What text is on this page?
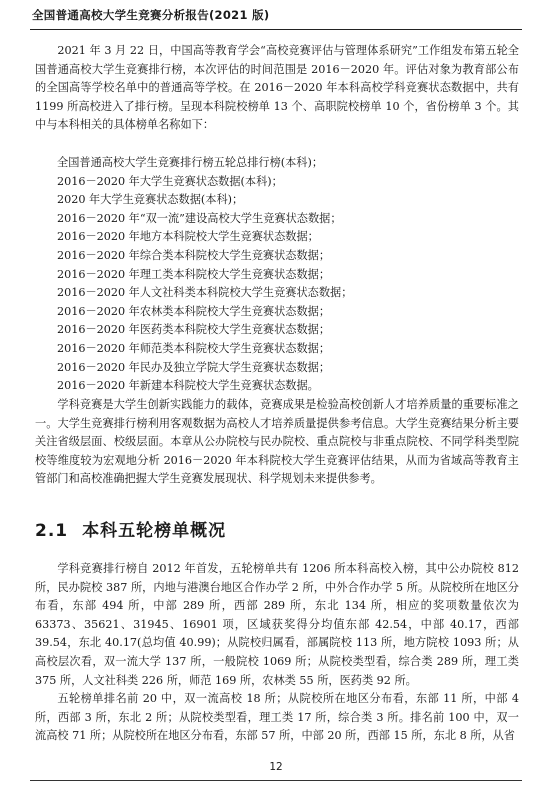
全国普通高校大学生竞赛分析报告(2021 版)

2021 年 3 月 22 日，中国高等教育学会“高校竞赛评估与管理体系研究”工作组发布第五轮全国普通高校大学生竞赛排行榜，本次评估的时间范围是 2016－2020 年。评估对象为教育部公布的全国高等学校名单中的普通高等学校。在 2016－2020 年本科高校学科竞赛状态数据中，共有 1199 所高校进入了排行榜。呈现本科院校榜单 13 个、高职院校榜单 10 个，省份榜单 3 个。其中与本科相关的具体榜单名称如下：

全国普通高校大学生竞赛排行榜五轮总排行榜(本科)；
2016－2020 年大学生竞赛状态数据(本科)；
2020 年大学生竞赛状态数据(本科)；
2016－2020 年“双一流”建设高校大学生竞赛状态数据；
2016－2020 年地方本科院校大学生竞赛状态数据；
2016－2020 年综合类本科院校大学生竞赛状态数据；
2016－2020 年理工类本科院校大学生竞赛状态数据；
2016－2020 年人文社科类本科院校大学生竞赛状态数据；
2016－2020 年农林类本科院校大学生竞赛状态数据；
2016－2020 年医药类本科院校大学生竞赛状态数据；
2016－2020 年师范类本科院校大学生竞赛状态数据；
2016－2020 年民办及独立学院大学生竞赛状态数据；
2016－2020 年新建本科院校大学生竞赛状态数据。

学科竞赛是大学生创新实践能力的载体，竞赛成果是检验高校创新人才培养质量的重要标准之一。大学生竞赛排行榜利用客观数据为高校人才培养质量提供参考信息。大学生竞赛结果分析主要关注省级层面、校级层面。本章从公办院校与民办院校、重点院校与非重点院校、不同学科类型院校等维度较为宏观地分析 2016－2020 年本科院校大学生竞赛评估结果，从而为省域高等教育主管部门和高校准确把握大学生竞赛发展现状、科学规划未来提供参考。

2.1 本科五轮榜单概况

学科竞赛排行榜自 2012 年首发，五轮榜单共有 1206 所本科高校入榜，其中公办院校 812 所，民办院校 387 所，内地与港澳台地区合作办学 2 所，中外合作办学 5 所。从院校所在地区分布看，东部 494 所，中部 289 所，西部 289 所，东北 134 所，相应的奖项数量依次为 63373、35621、31945、16901 项，区域获奖得分均值东部 42.54，中部 40.17，西部 39.54，东北 40.17(总均值 40.99)；从院校归属看，部属院校 113 所，地方院校 1093 所；从高校层次看，双一流大学 137 所，一般院校 1069 所；从院校类型看，综合类 289 所，理工类 375 所，人文社科类 226 所，师范 169 所，农林类 55 所，医药类 92 所。

五轮榜单排名前 20 中，双一流高校 18 所；从院校所在地区分布看，东部 11 所，中部 4 所，西部 3 所，东北 2 所；从院校类型看，理工类 17 所，综合类 3 所。排名前 100 中，双一流高校 71 所；从院校所在地区分布看，东部 57 所，中部 20 所，西部 15 所，东北 8 所，从省

12
